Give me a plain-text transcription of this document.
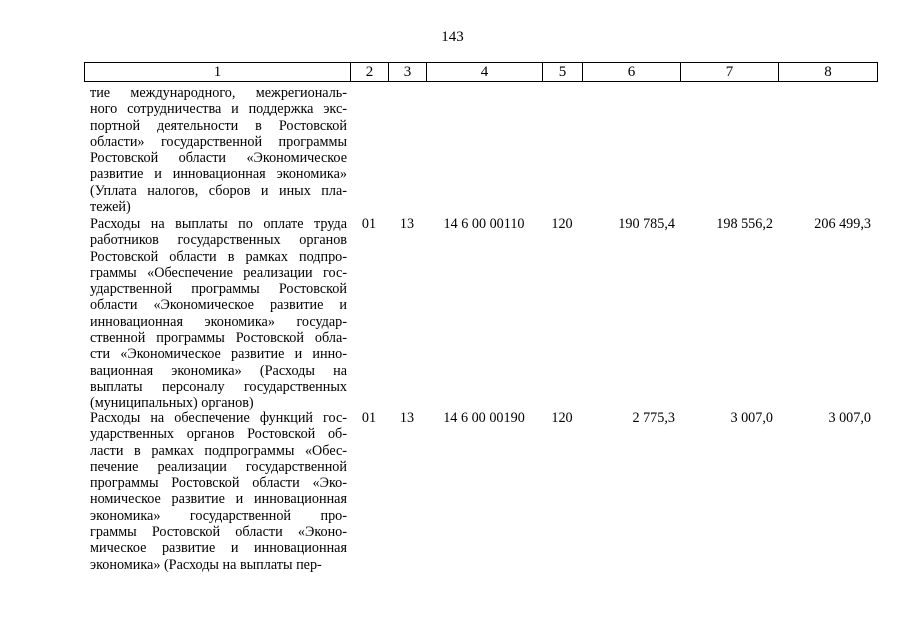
143
1	2	3	4	5	6	7	8
тие международного, межрегиональ-
ного сотрудничества и поддержка экс-
портной деятельности в Ростовской
области» государственной программы
Ростовской области «Экономическое
развитие и инновационная экономика»
(Уплата налогов, сборов и иных пла-
тежей)
Расходы на выплаты по оплате труда
работников государственных органов
Ростовской области в рамках подпро-
граммы «Обеспечение реализации гос-
ударственной программы Ростовской
области «Экономическое развитие и
инновационная экономика» государ-
ственной программы Ростовской обла-
сти «Экономическое развитие и инно-
вационная экономика» (Расходы на
выплаты персоналу государственных
(муниципальных) органов)
01	13	14 6 00 00110	120	190 785,4	198 556,2	206 499,3
Расходы на обеспечение функций гос-
ударственных органов Ростовской об-
ласти в рамках подпрограммы «Обес-
печение реализации государственной
программы Ростовской области «Эко-
номическое развитие и инновационная
экономика» государственной про-
граммы Ростовской области «Эконо-
мическое развитие и инновационная
экономика» (Расходы на выплаты пер-
01	13	14 6 00 00190	120	2 775,3	3 007,0	3 007,0
